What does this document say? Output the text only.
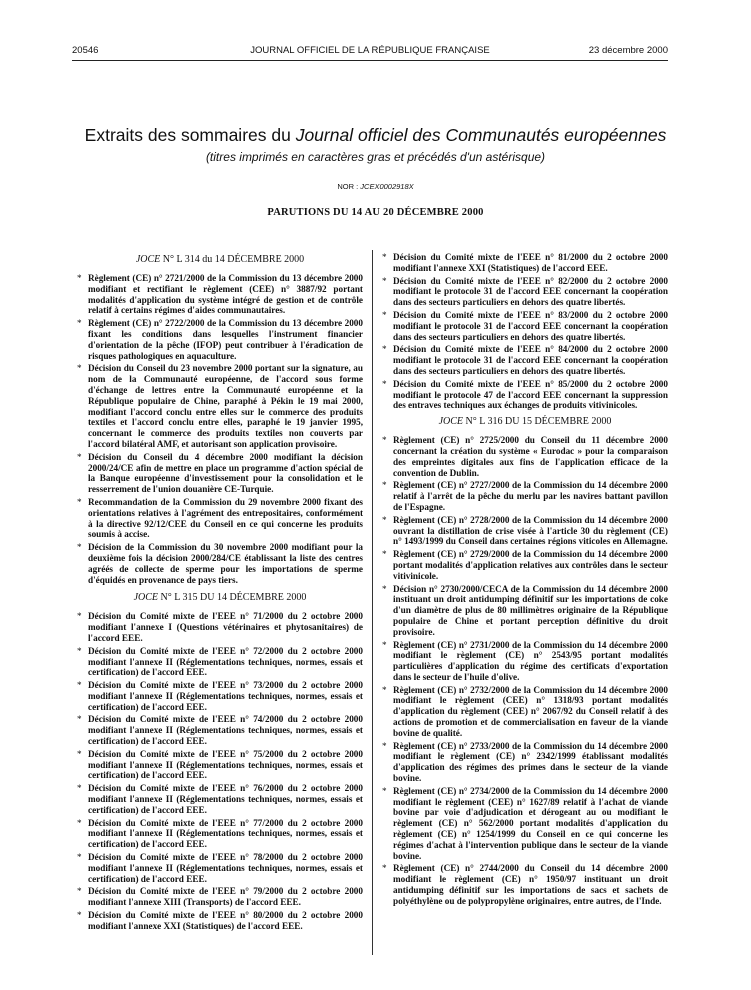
20546	JOURNAL OFFICIEL DE LA RÉPUBLIQUE FRANÇAISE	23 décembre 2000
Extraits des sommaires du Journal officiel des Communautés européennes
(titres imprimés en caractères gras et précédés d'un astérisque)
NOR : JCEX0002918X
PARUTIONS DU 14 AU 20 DÉCEMBRE 2000
JOCE N° L 314 du 14 DÉCEMBRE 2000
* Règlement (CE) n° 2721/2000 de la Commission du 13 décembre 2000 modifiant et rectifiant le règlement (CEE) n° 3887/92 portant modalités d'application du système intégré de gestion et de contrôle relatif à certains régimes d'aides communautaires.
* Règlement (CE) n° 2722/2000 de la Commission du 13 décembre 2000 fixant les conditions dans lesquelles l'instrument financier d'orientation de la pêche (IFOP) peut contribuer à l'éradication de risques pathologiques en aquaculture.
* Décision du Conseil du 23 novembre 2000 portant sur la signature, au nom de la Communauté européenne, de l'accord sous forme d'échange de lettres entre la Communauté européenne et la République populaire de Chine, paraphé à Pékin le 19 mai 2000, modifiant l'accord conclu entre elles sur le commerce des produits textiles et l'accord conclu entre elles, paraphé le 19 janvier 1995, concernant le commerce des produits textiles non couverts par l'accord bilatéral AMF, et autorisant son application provisoire.
* Décision du Conseil du 4 décembre 2000 modifiant la décision 2000/24/CE afin de mettre en place un programme d'action spécial de la Banque européenne d'investissement pour la consolidation et le resserrement de l'union douanière CE-Turquie.
* Recommandation de la Commission du 29 novembre 2000 fixant des orientations relatives à l'agrément des entrepositaires, conformément à la directive 92/12/CEE du Conseil en ce qui concerne les produits soumis à accise.
* Décision de la Commission du 30 novembre 2000 modifiant pour la deuxième fois la décision 2000/284/CE établissant la liste des centres agréés de collecte de sperme pour les importations de sperme d'équidés en provenance de pays tiers.
JOCE N° L 315 DU 14 DÉCEMBRE 2000
* Décision du Comité mixte de l'EEE n° 71/2000 du 2 octobre 2000 modifiant l'annexe I (Questions vétérinaires et phytosanitaires) de l'accord EEE.
* Décision du Comité mixte de l'EEE n° 72/2000 du 2 octobre 2000 modifiant l'annexe II (Réglementations techniques, normes, essais et certification) de l'accord EEE.
* Décision du Comité mixte de l'EEE n° 73/2000 du 2 octobre 2000 modifiant l'annexe II (Réglementations techniques, normes, essais et certification) de l'accord EEE.
* Décision du Comité mixte de l'EEE n° 74/2000 du 2 octobre 2000 modifiant l'annexe II (Réglementations techniques, normes, essais et certification) de l'accord EEE.
* Décision du Comité mixte de l'EEE n° 75/2000 du 2 octobre 2000 modifiant l'annexe II (Réglementations techniques, normes, essais et certification) de l'accord EEE.
* Décision du Comité mixte de l'EEE n° 76/2000 du 2 octobre 2000 modifiant l'annexe II (Réglementations techniques, normes, essais et certification) de l'accord EEE.
* Décision du Comité mixte de l'EEE n° 77/2000 du 2 octobre 2000 modifiant l'annexe II (Réglementations techniques, normes, essais et certification) de l'accord EEE.
* Décision du Comité mixte de l'EEE n° 78/2000 du 2 octobre 2000 modifiant l'annexe II (Réglementations techniques, normes, essais et certification) de l'accord EEE.
* Décision du Comité mixte de l'EEE n° 79/2000 du 2 octobre 2000 modifiant l'annexe XIII (Transports) de l'accord EEE.
* Décision du Comité mixte de l'EEE n° 80/2000 du 2 octobre 2000 modifiant l'annexe XXI (Statistiques) de l'accord EEE.
* Décision du Comité mixte de l'EEE n° 81/2000 du 2 octobre 2000 modifiant l'annexe XXI (Statistiques) de l'accord EEE.
* Décision du Comité mixte de l'EEE n° 82/2000 du 2 octobre 2000 modifiant le protocole 31 de l'accord EEE concernant la coopération dans des secteurs particuliers en dehors des quatre libertés.
* Décision du Comité mixte de l'EEE n° 83/2000 du 2 octobre 2000 modifiant le protocole 31 de l'accord EEE concernant la coopération dans des secteurs particuliers en dehors des quatre libertés.
* Décision du Comité mixte de l'EEE n° 84/2000 du 2 octobre 2000 modifiant le protocole 31 de l'accord EEE concernant la coopération dans des secteurs particuliers en dehors des quatre libertés.
* Décision du Comité mixte de l'EEE n° 85/2000 du 2 octobre 2000 modifiant le protocole 47 de l'accord EEE concernant la suppression des entraves techniques aux échanges de produits vitivinicoles.
JOCE N° L 316 DU 15 DÉCEMBRE 2000
* Règlement (CE) n° 2725/2000 du Conseil du 11 décembre 2000 concernant la création du système « Eurodac » pour la comparaison des empreintes digitales aux fins de l'application efficace de la convention de Dublin.
* Règlement (CE) n° 2727/2000 de la Commission du 14 décembre 2000 relatif à l'arrêt de la pêche du merlu par les navires battant pavillon de l'Espagne.
* Règlement (CE) n° 2728/2000 de la Commission du 14 décembre 2000 ouvrant la distillation de crise visée à l'article 30 du règlement (CE) n° 1493/1999 du Conseil dans certaines régions viticoles en Allemagne.
* Règlement (CE) n° 2729/2000 de la Commission du 14 décembre 2000 portant modalités d'application relatives aux contrôles dans le secteur vitivinicole.
* Décision n° 2730/2000/CECA de la Commission du 14 décembre 2000 instituant un droit antidumping définitif sur les importations de coke d'un diamètre de plus de 80 millimètres originaire de la République populaire de Chine et portant perception définitive du droit provisoire.
* Règlement (CE) n° 2731/2000 de la Commission du 14 décembre 2000 modifiant le règlement (CE) n° 2543/95 portant modalités particulières d'application du régime des certificats d'exportation dans le secteur de l'huile d'olive.
* Règlement (CE) n° 2732/2000 de la Commission du 14 décembre 2000 modifiant le règlement (CEE) n° 1318/93 portant modalités d'application du règlement (CEE) n° 2067/92 du Conseil relatif à des actions de promotion et de commercialisation en faveur de la viande bovine de qualité.
* Règlement (CE) n° 2733/2000 de la Commission du 14 décembre 2000 modifiant le règlement (CE) n° 2342/1999 établissant modalités d'application des régimes des primes dans le secteur de la viande bovine.
* Règlement (CE) n° 2734/2000 de la Commission du 14 décembre 2000 modifiant le règlement (CEE) n° 1627/89 relatif à l'achat de viande bovine par voie d'adjudication et dérogeant au ou modifiant le règlement (CE) n° 562/2000 portant modalités d'application du règlement (CE) n° 1254/1999 du Conseil en ce qui concerne les régimes d'achat à l'intervention publique dans le secteur de la viande bovine.
* Règlement (CE) n° 2744/2000 du Conseil du 14 décembre 2000 modifiant le règlement (CE) n° 1950/97 instituant un droit antidumping définitif sur les importations de sacs et sachets de polyéthylène ou de polypropylène originaires, entre autres, de l'Inde.
